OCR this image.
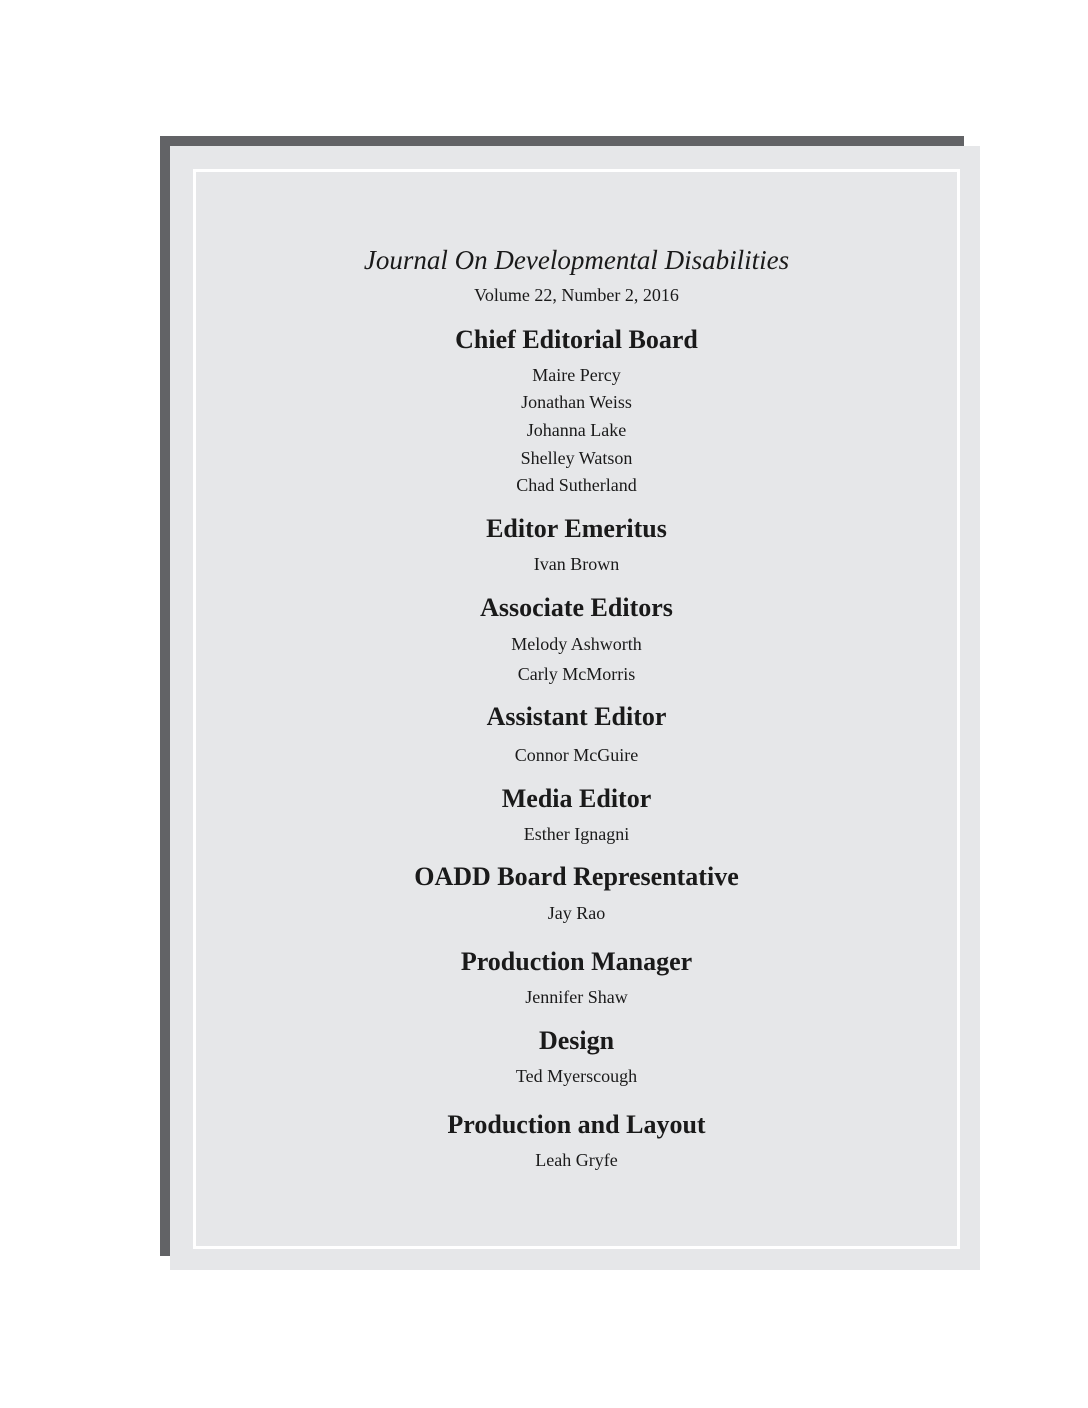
Journal On Developmental Disabilities
Volume 22, Number 2, 2016
Chief Editorial Board
Maire Percy
Jonathan Weiss
Johanna Lake
Shelley Watson
Chad Sutherland
Editor Emeritus
Ivan Brown
Associate Editors
Melody Ashworth
Carly McMorris
Assistant Editor
Connor McGuire
Media Editor
Esther Ignagni
OADD Board Representative
Jay Rao
Production Manager
Jennifer Shaw
Design
Ted Myerscough
Production and Layout
Leah Gryfe
